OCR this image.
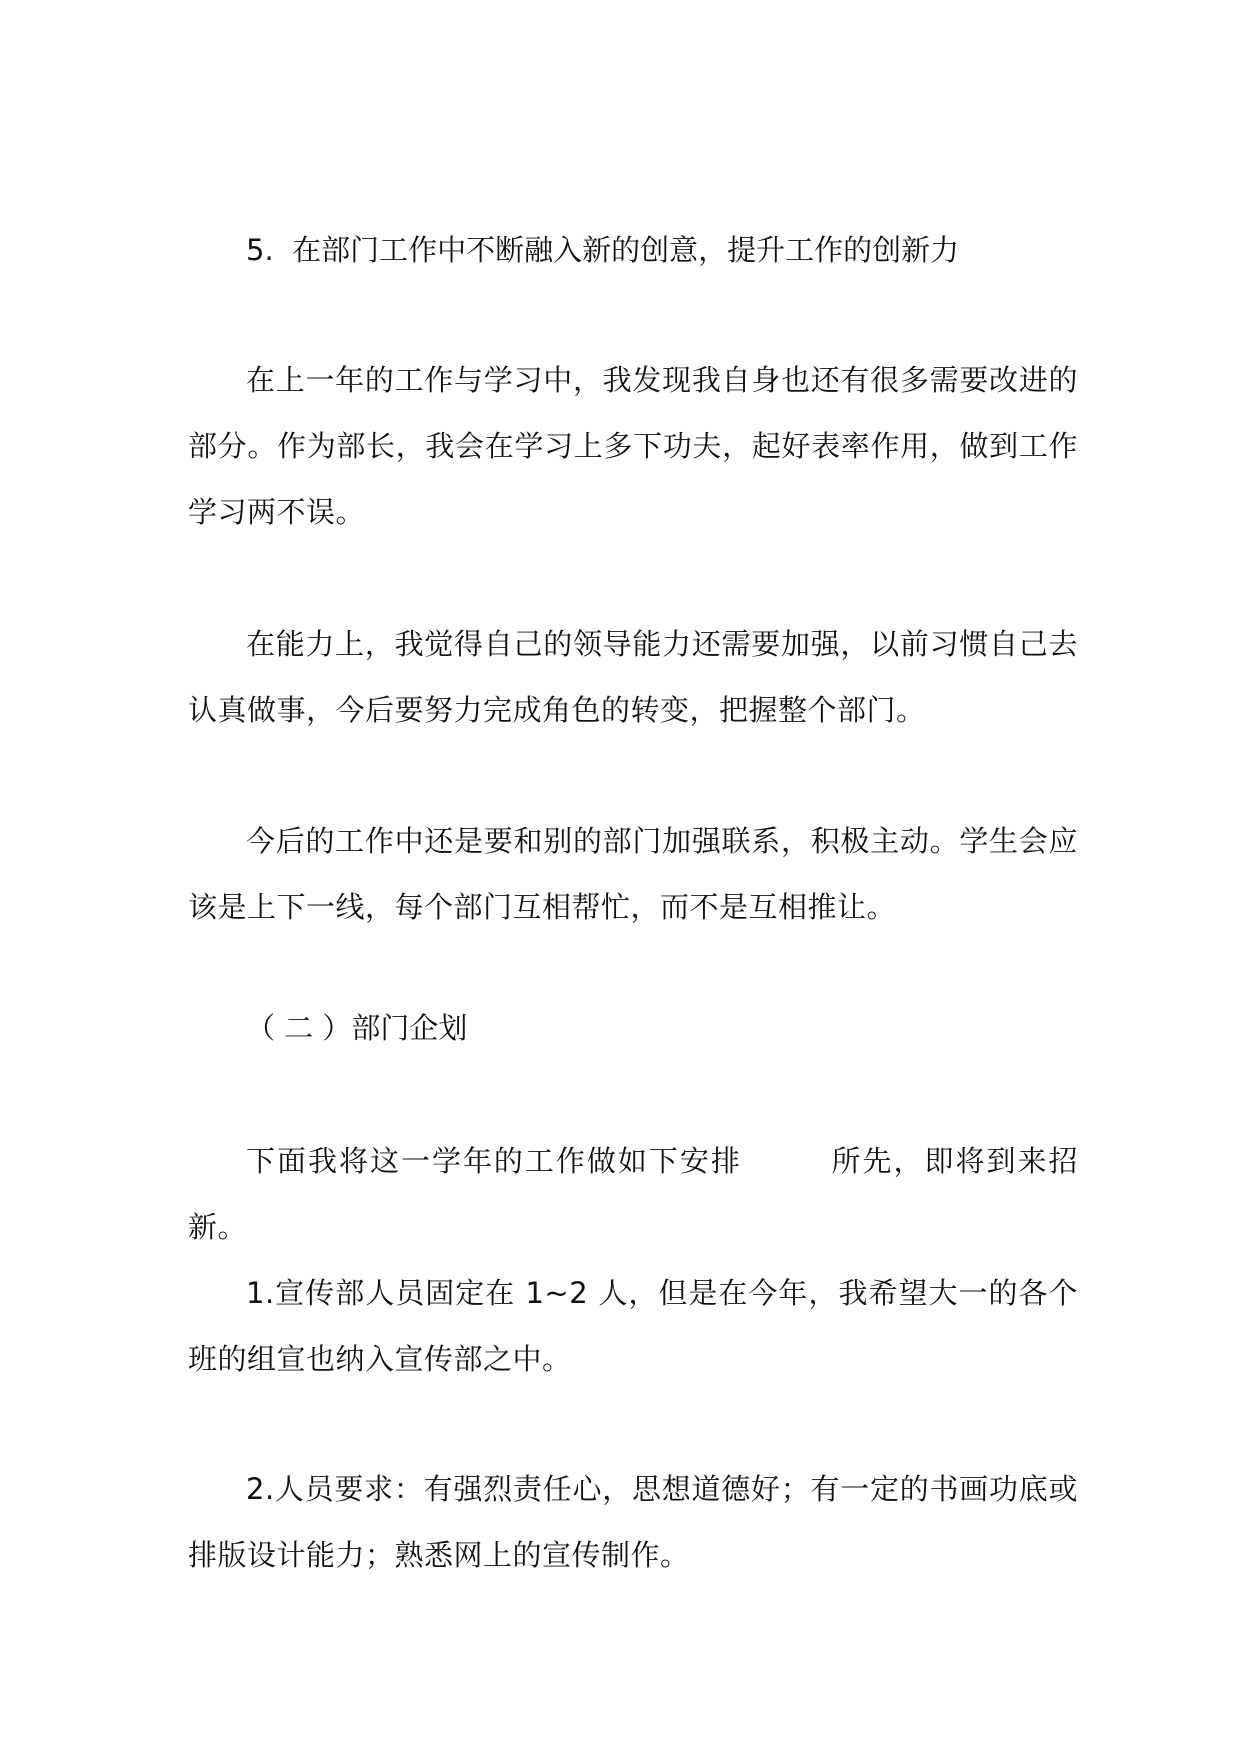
5.  在部门工作中不断融入新的创意，提升工作的创新力

在上一年的工作与学习中，我发现我自身也还有很多需要改进的部分。作为部长，我会在学习上多下功夫，起好表率作用，做到工作学习两不误。

在能力上，我觉得自己的领导能力还需要加强，以前习惯自己去认真做事，今后要努力完成角色的转变，把握整个部门。

今后的工作中还是要和别的部门加强联系，积极主动。学生会应该是上下一线，每个部门互相帮忙，而不是互相推让。

（ 二 ）部门企划

下面我将这一学年的工作做如下安排        所先，即将到来招新。

1.宣传部人员固定在 1~2 人，但是在今年，我希望大一的各个班的组宣也纳入宣传部之中。

2.人员要求：有强烈责任心，思想道德好；有一定的书画功底或排版设计能力；熟悉网上的宣传制作。
